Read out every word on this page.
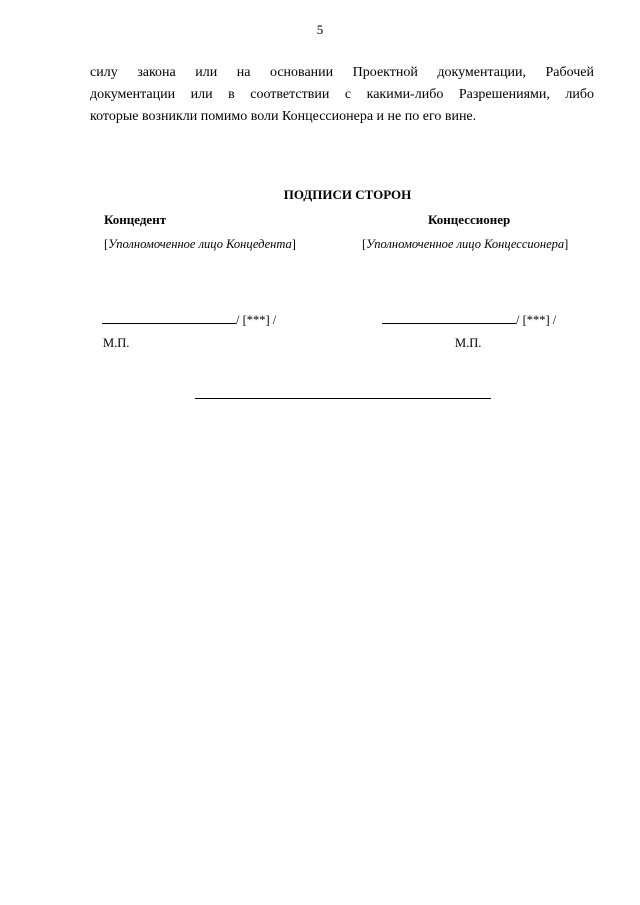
5
силу закона или на основании Проектной документации, Рабочей
документации или в соответствии с какими-либо Разрешениями, либо
которые возникли помимо воли Концессионера и не по его вине.
ПОДПИСИ СТОРОН
Концедент
[Уполномоченное лицо Концедента]
/ [***] /
М.П.
Концессионер
[Уполномоченное лицо Концессионера]
/ [***] /
М.П.
